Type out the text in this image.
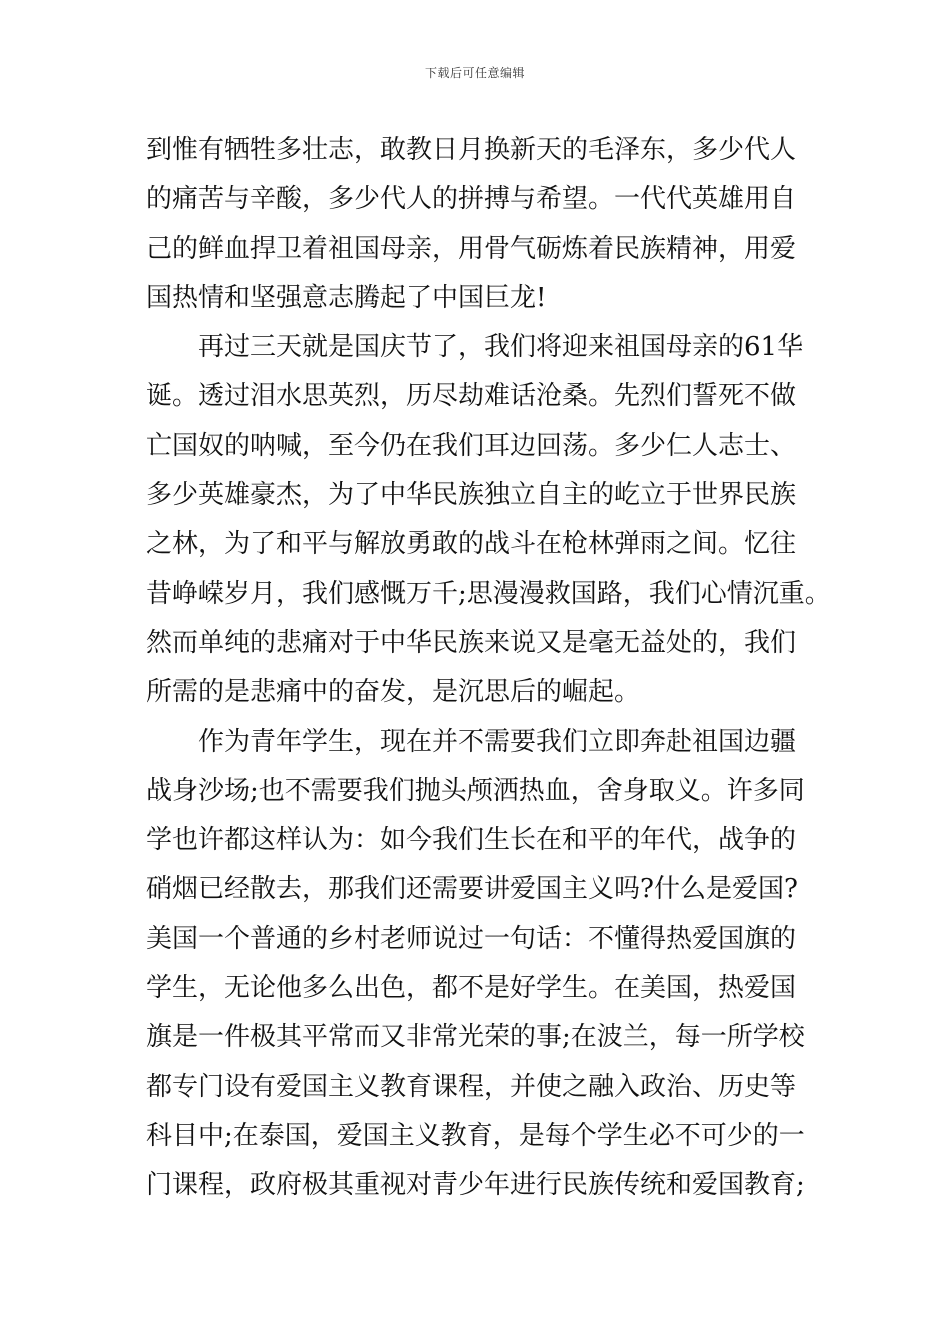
下载后可任意编辑
到惟有牺牲多壮志，敢教日月换新天的毛泽东，多少代人
的痛苦与辛酸，多少代人的拼搏与希望。一代代英雄用自
己的鲜血捍卫着祖国母亲，用骨气砺炼着民族精神，用爱
国热情和坚强意志腾起了中国巨龙!
再过三天就是国庆节了，我们将迎来祖国母亲的61华
诞。透过泪水思英烈，历尽劫难话沧桑。先烈们誓死不做
亡国奴的呐喊，至今仍在我们耳边回荡。多少仁人志士、
多少英雄豪杰，为了中华民族独立自主的屹立于世界民族
之林，为了和平与解放勇敢的战斗在枪林弹雨之间。忆往
昔峥嵘岁月，我们感慨万千;思漫漫救国路，我们心情沉重。
然而单纯的悲痛对于中华民族来说又是毫无益处的，我们
所需的是悲痛中的奋发，是沉思后的崛起。
作为青年学生，现在并不需要我们立即奔赴祖国边疆
战身沙场;也不需要我们抛头颅洒热血，舍身取义。许多同
学也许都这样认为：如今我们生长在和平的年代，战争的
硝烟已经散去，那我们还需要讲爱国主义吗?什么是爱国?
美国一个普通的乡村老师说过一句话：不懂得热爱国旗的
学生，无论他多么出色，都不是好学生。在美国，热爱国
旗是一件极其平常而又非常光荣的事;在波兰，每一所学校
都专门设有爱国主义教育课程，并使之融入政治、历史等
科目中;在泰国，爱国主义教育，是每个学生必不可少的一
门课程，政府极其重视对青少年进行民族传统和爱国教育;
